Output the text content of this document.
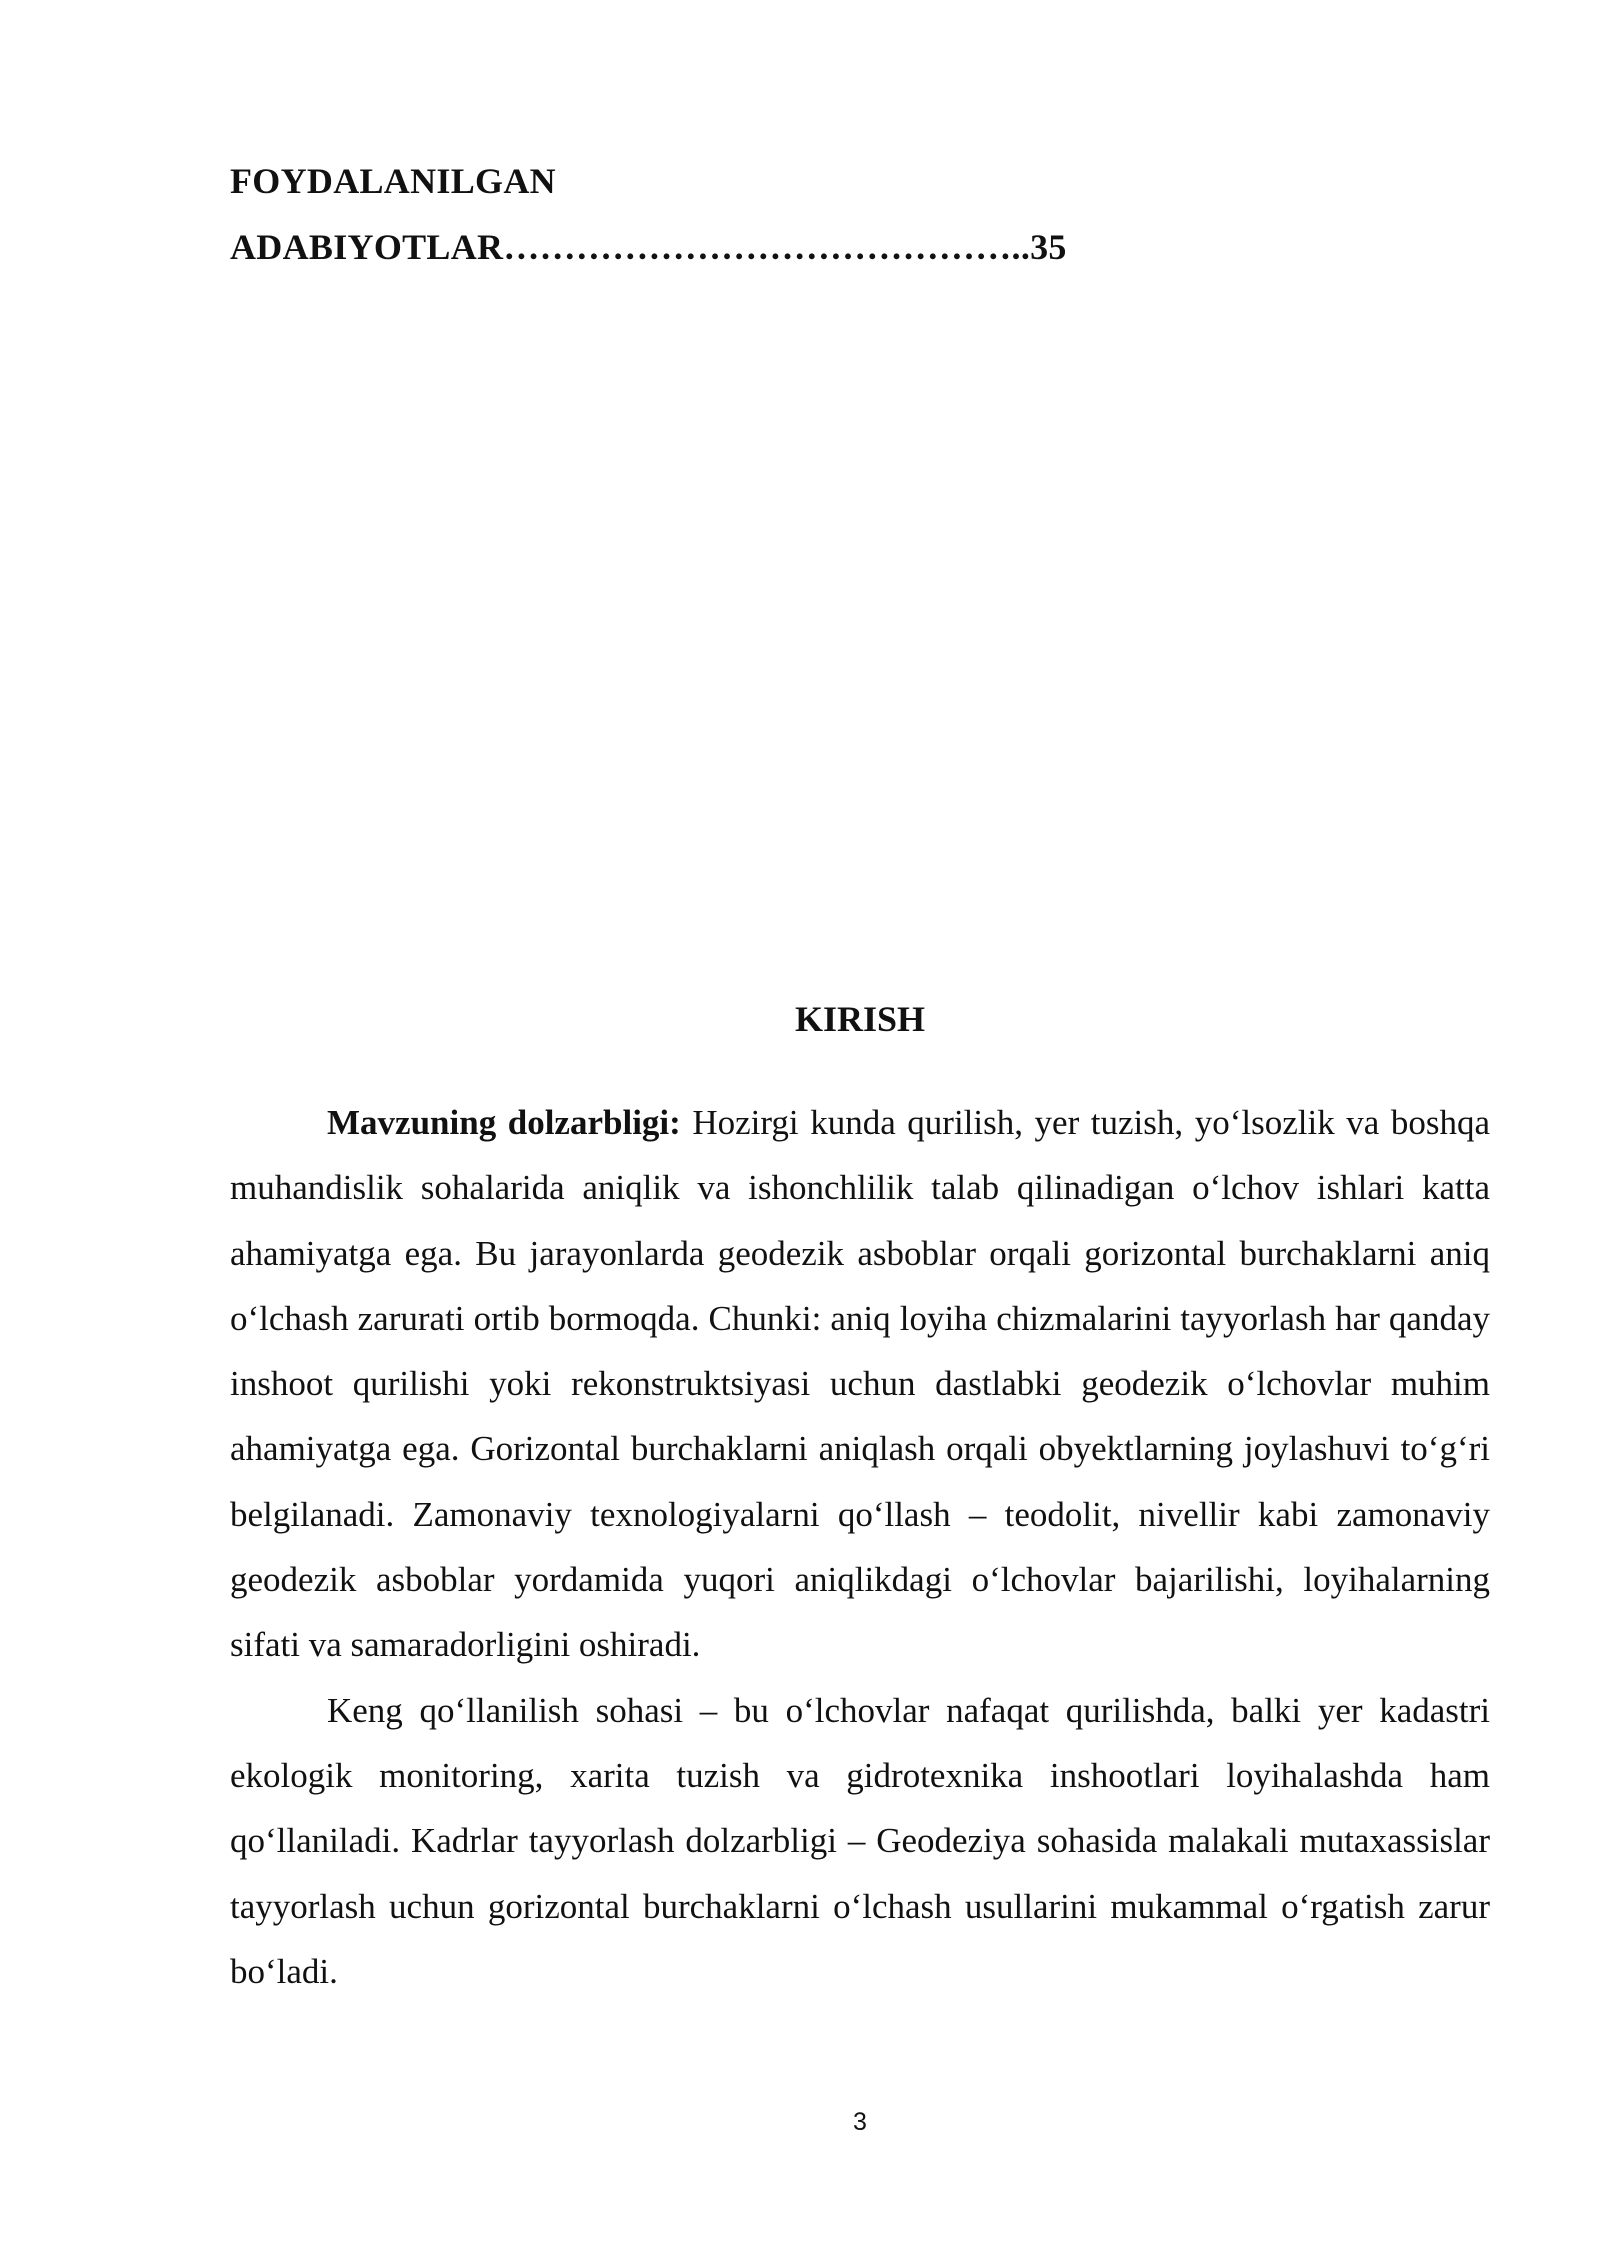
FOYDALANILGAN
ADABIYOTLAR……………………………………..35
KIRISH

Mavzuning dolzarbligi: Hozirgi kunda qurilish, yer tuzish, yoʻlsozlik va boshqa muhandislik sohalarida aniqlik va ishonchlilik talab qilinadigan oʻlchov ishlari katta ahamiyatga ega. Bu jarayonlarda geodezik asboblar orqali gorizontal burchaklarni aniq oʻlchash zarurati ortib bormoqda. Chunki: aniq loyiha chizmalarini tayyorlash har qanday inshoot qurilishi yoki rekonstruktsiyasi uchun dastlabki geodezik oʻlchovlar muhim ahamiyatga ega. Gorizontal burchaklarni aniqlash orqali obyektlarning joylashuvi toʻgʻri belgilanadi. Zamonaviy texnologiyalarni qoʻllash – teodolit, nivellir kabi zamonaviy geodezik asboblar yordamida yuqori aniqlikdagi oʻlchovlar bajarilishi, loyihalarning sifati va samaradorligini oshiradi.

Keng qoʻllanilish sohasi – bu oʻlchovlar nafaqat qurilishda, balki yer kadastri ekologik monitoring, xarita tuzish va gidrotexnika inshootlari loyihalashda ham qoʻllaniladi. Kadrlar tayyorlash dolzarbligi – Geodeziya sohasida malakali mutaxassislar tayyorlash uchun gorizontal burchaklarni oʻlchash usullarini mukammal oʻrgatish zarur boʻladi.

3
